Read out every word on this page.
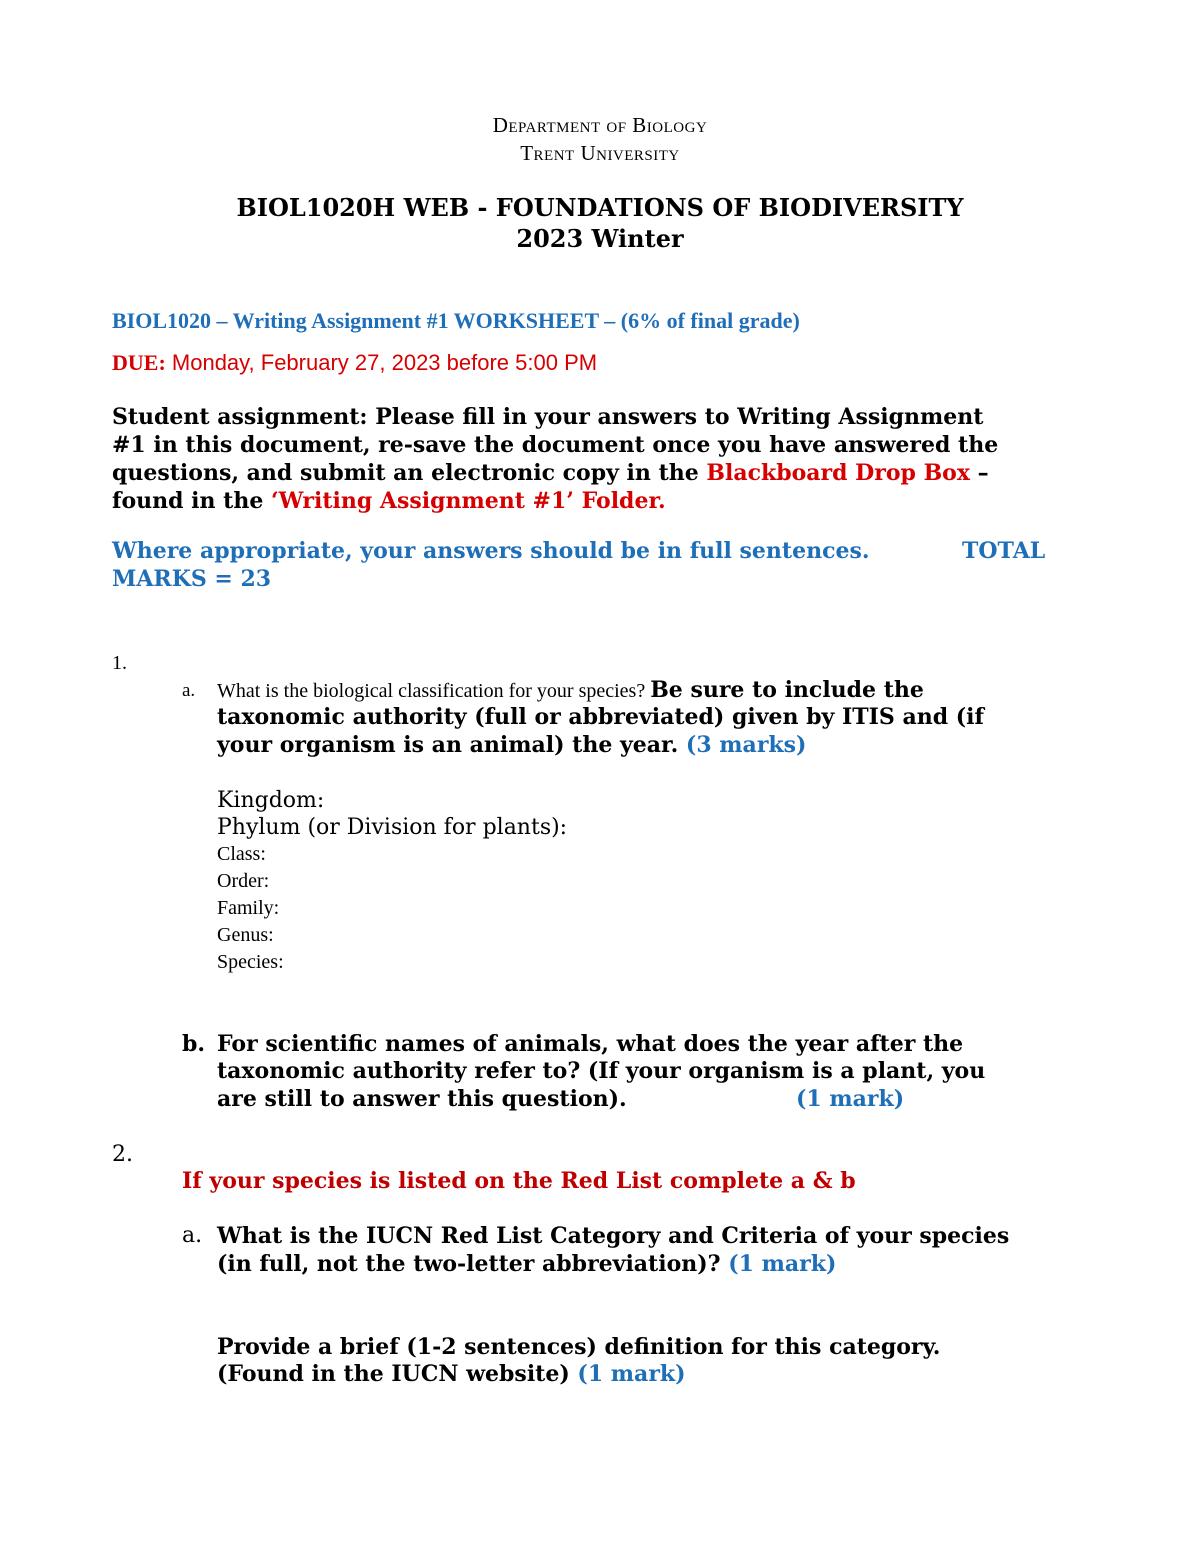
Department of Biology
Trent University
BIOL1020H WEB - FOUNDATIONS OF BIODIVERSITY
2023 Winter
BIOL1020 – Writing Assignment #1 WORKSHEET – (6% of final grade)
DUE: Monday, February 27, 2023 before 5:00 PM
Student assignment: Please fill in your answers to Writing Assignment
#1 in this document, re-save the document once you have answered the
questions, and submit an electronic copy in the Blackboard Drop Box –
found in the ‘Writing Assignment #1’ Folder.
Where appropriate, your answers should be in full sentences.	TOTAL
MARKS = 23
1.
a. What is the biological classification for your species? Be sure to include the
taxonomic authority (full or abbreviated) given by ITIS and (if
your organism is an animal) the year. (3 marks)
Kingdom:
Phylum (or Division for plants):
Class:
Order:
Family:
Genus:
Species:
b. For scientific names of animals, what does the year after the
taxonomic authority refer to? (If your organism is a plant, you
are still to answer this question).	(1 mark)
2.
If your species is listed on the Red List complete a & b
a. What is the IUCN Red List Category and Criteria of your species
(in full, not the two-letter abbreviation)? (1 mark)
Provide a brief (1-2 sentences) definition for this category.
(Found in the IUCN website) (1 mark)
